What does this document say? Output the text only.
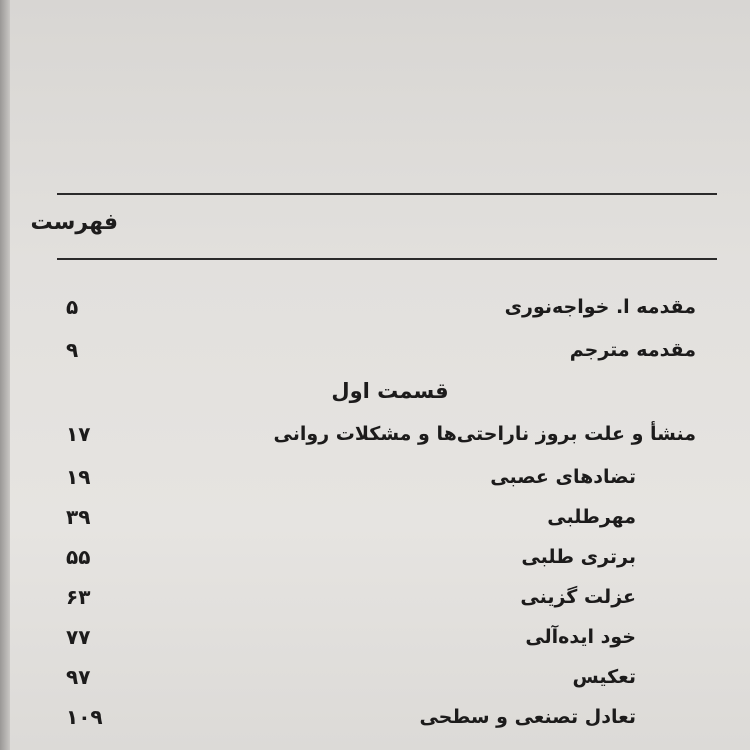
فهرست
۵	مقدمه ا. خواجه‌نوری
۹	مقدمه مترجم
قسمت اول
۱۷	منشأ و علت بروز ناراحتی‌ها و مشکلات روانی
۱۹	تضادهای عصبی
۳۹	مهرطلبی
۵۵	برتری طلبی
۶۳	عزلت گزینی
۷۷	خود ایده‌آلی
۹۷	تعکیس
۱۰۹	تعادل تصنعی و سطحی
